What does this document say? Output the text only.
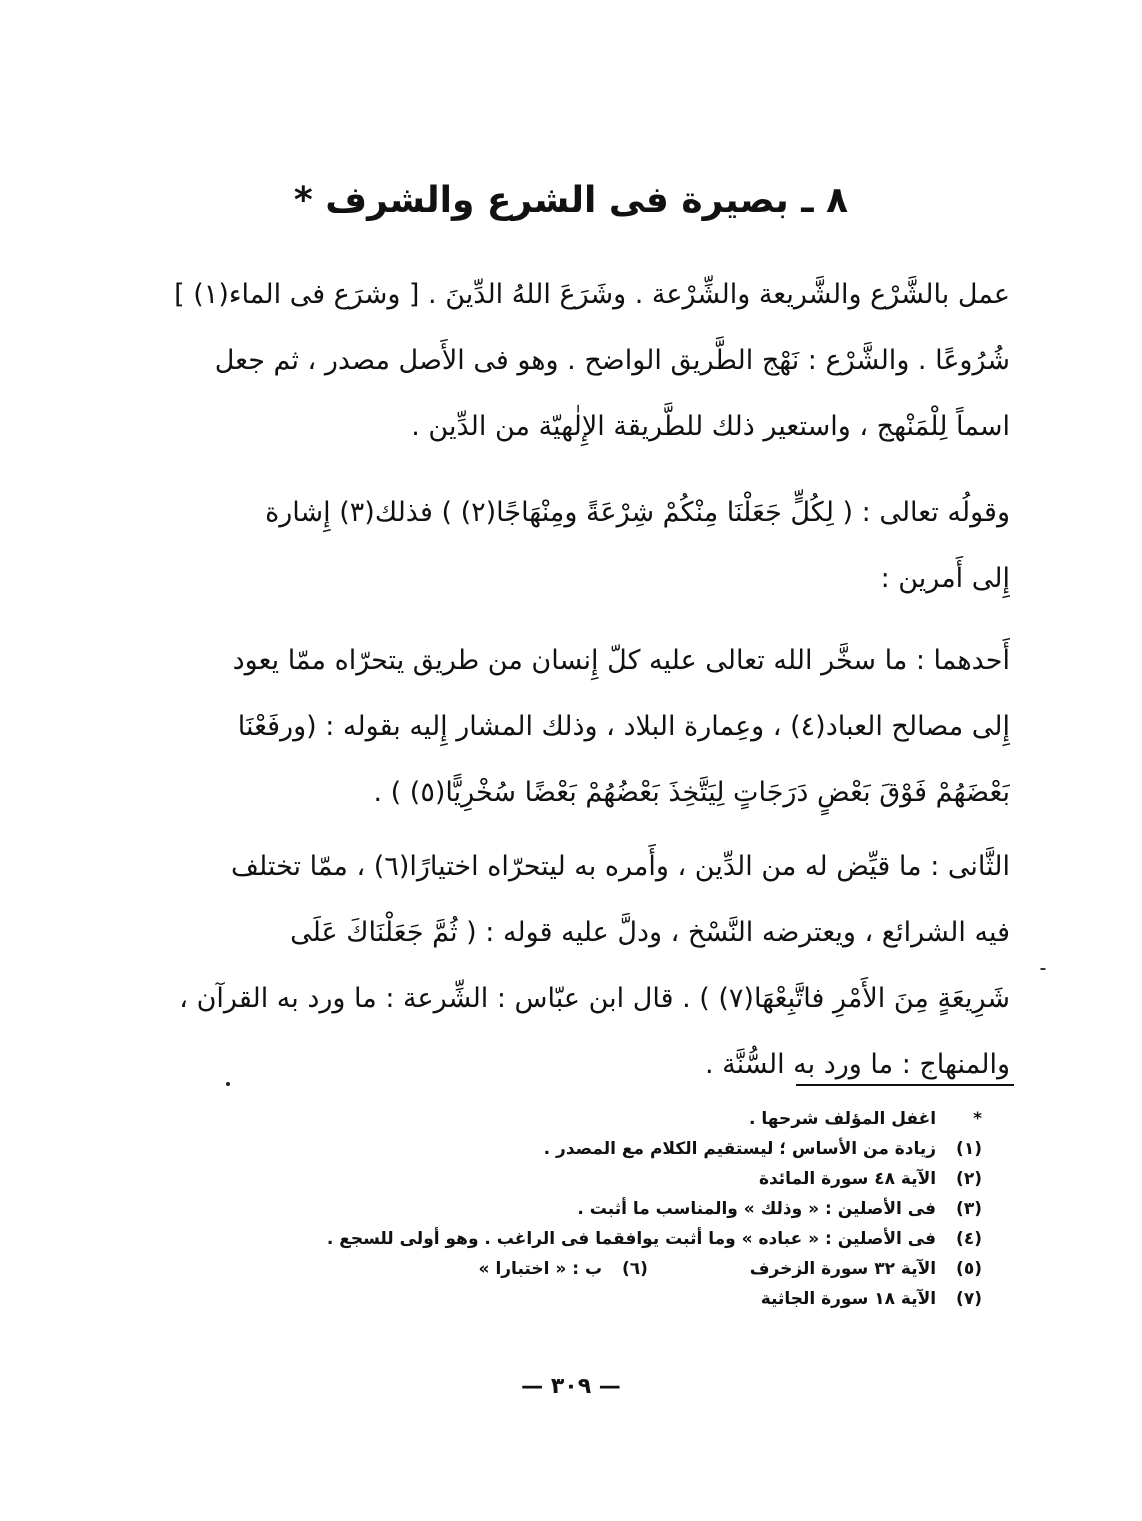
٨ ـ بصيرة فى الشرع والشرف *
عمل بالشَّرْع والشَّريعة والشِّرْعة . وشَرَعَ اللهُ الدِّينَ . [ وشرَع فى الماء(١) ]
شُرُوعًا . والشَّرْع : نَهْج الطَّريق الواضح . وهو فى الأَصل مصدر ، ثم جعل
اسماً لِلْمَنْهج ، واستعير ذلك للطَّريقة الإِلٰهيّة من الدِّين .
وقولُه تعالى : ( لِكُلٍّ جَعَلْنَا مِنْكُمْ شِرْعَةً ومِنْهَاجًا(٢) ) فذلك(٣) إِشارة
إِلى أَمرين :
أَحدهما : ما سخَّر الله تعالى عليه كلّ إِنسان من طريق يتحرّاه ممّا يعود
إِلى مصالح العباد(٤) ، وعِمارة البلاد ، وذلك المشار إِليه بقوله : (ورفَعْنَا
بَعْضَهُمْ فَوْقَ بَعْضٍ دَرَجَاتٍ لِيَتَّخِذَ بَعْضُهُمْ بَعْضًا سُخْرِيًّا(٥) ) .
الثَّانى : ما قيِّض له من الدِّين ، وأَمره به ليتحرّاه اختيارًا(٦) ، ممّا تختلف
فيه الشرائع ، ويعترضه النَّسْخ ، ودلَّ عليه قوله : ( ثُمَّ جَعَلْنَاكَ عَلَى
شَرِيعَةٍ مِنَ الأَمْرِ فاتَّبِعْهَا(٧) ) . قال ابن عبّاس : الشِّرعة : ما ورد به القرآن ،
والمنهاج : ما ورد به السُّنَّة .
* اغفل المؤلف شرحها .
(١) زيادة من الأساس ؛ ليستقيم الكلام مع المصدر .
(٢) الآية ٤٨ سورة المائدة
(٣) فى الأصلين : « وذلك » والمناسب ما أثبت .
(٤) فى الأصلين : « عباده » وما أثبت يوافقما فى الراغب . وهو أولى للسجع .
(٥) الآية ٣٢ سورة الزخرف  (٦) ب : « اختبارا »
(٧) الآية ١٨ سورة الجاثية
— ٣٠٩ —
